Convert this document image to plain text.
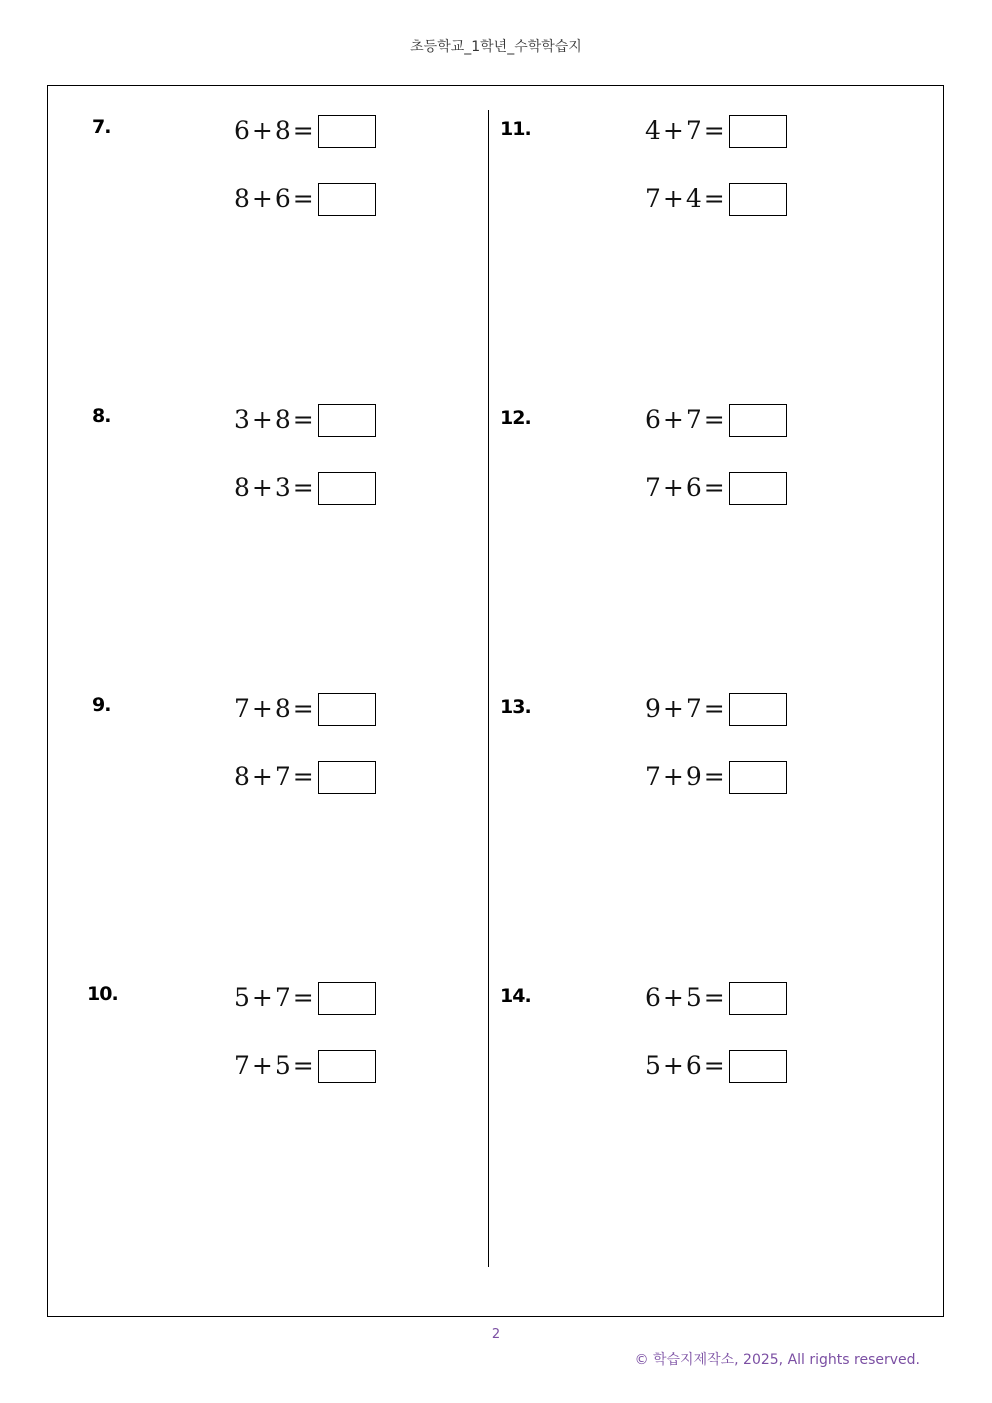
초등학교_1학년_수학학습지
7.	6+8=
8+6=
8.	3+8=
8+3=
9.	7+8=
8+7=
10.	5+7=
7+5=
11.	4+7=
7+4=
12.	6+7=
7+6=
13.	9+7=
7+9=
14.	6+5=
5+6=
2
© 학습지제작소, 2025, All rights reserved.
